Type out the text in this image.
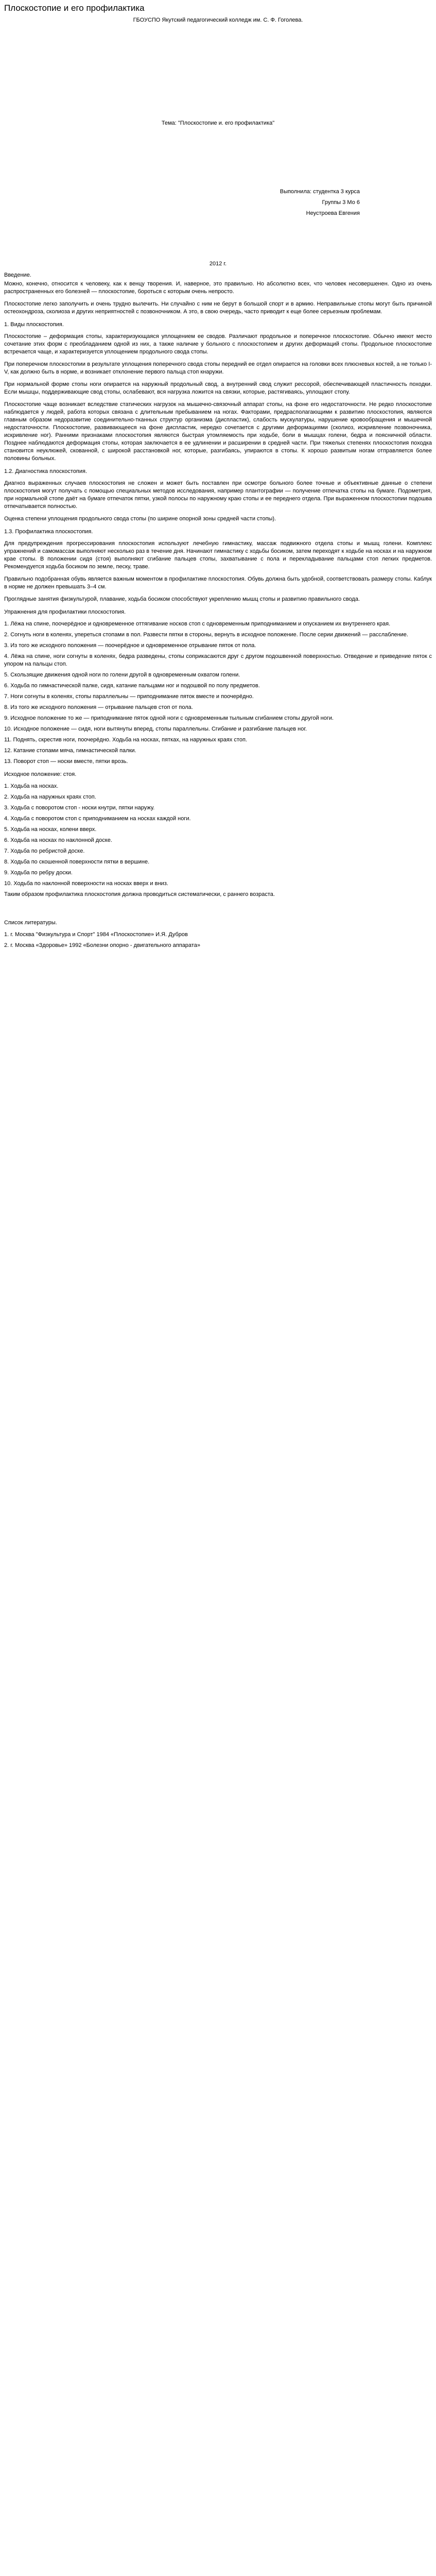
Плоскостопие и его профилактика
ГБОУСПО Якутский педагогический колледж им. С. Ф. Гоголева.
Тема: "Плоскостопие и. его профилактика"

Выполнила: студентка 3 курса

Группы 3 Мо 6

Неустроева Евгения

2012 г.
Введение.

Можно, конечно, относится к человеку, как к венцу творения. И, наверное, это правильно. Но абсолютно всех, что человек несовершенен. Одно из очень распространенных его болезней — плоскостопие, бороться с которым очень непросто.

Плоскостопие легко заполучить и очень трудно вылечить. Ни случайно с ним не берут в большой спорт и в армию. Неправильные стопы могут быть причиной остеохондроза, сколиоза и других неприятностей с позвоночником. А это, в свою очередь, часто приводит к еще более серьезным проблемам.

1. Виды плоскостопия.

Плоскостопие – деформация стопы, характеризующаяся уплощением ее сводов. Различают продольное и поперечное плоскостопие. Обычно имеют место сочетание этих форм с преобладанием одной из них, а также наличие у больного с плоскостопием и других деформаций стопы. Продольное плоскостопие встречается чаще, и характеризуется уплощением продольного свода стопы.

При поперечном плоскостопии в результате уплощения поперечного свода стопы передний ее отдел опирается на головки всех плюсневых костей, а не только I-V, как должно быть в норме, и возникает отклонение первого пальца стоп кнаружи.

При нормальной форме стопы ноги опирается на наружный продольный свод, а внутренний свод служит рессорой, обеспечивающей пластичность походки. Если мышцы, поддерживающие свод стопы, ослабевают, вся нагрузка ложится на связки, которые, растягиваясь, уплощают стопу.

Плоскостопие чаще возникает вследствие статических нагрузок на мышечно-связочный аппарат стопы, на фоне его недостаточности. Не редко плоскостопие наблюдается у людей, работа которых связана с длительным пребыванием на ногах. Факторами, предрасполагающими к развитию плоскостопия, являются главным образом недоразвитие соединительно-тканных структур организма (диспластик), слабость мускулатуры, нарушение кровообращения и мышечной недостаточности. Плоскостопие, развивающееся на фоне диспластик, нередко сочетается с другими деформациями (сколиоз, искривление позвоночника, искривление ног). Ранними признаками плоскостопия являются быстрая утомляемость при ходьбе, боли в мышцах голени, бедра и поясничной области. Позднее наблюдаются деформация стопы, которая заключается в ее удлинении и расширении в средней части. При тяжелых степенях плоскостопия походка становится неуклюжей, скованной, с широкой расстановкой ног, которые, разгибаясь, упираются в стопы. К хорошо развитым ногам отправляется более половины больных.

1.2. Диагностика плоскостопия.

Диагноз выраженных случаев плоскостопия не сложен и может быть поставлен при осмотре больного более точные и объективные данные о степени плоскостопия могут получать с помощью специальных методов исследования, например плантографии — получение отпечатка стопы на бумаге. Подометрия, при нормальной стопе даёт на бумаге отпечаток пятки, узкой полосы по наружному краю стопы и ее переднего отдела. При выраженном плоскостопии подошва отпечатывается полностью.

Оценка степени уплощения продольного свода стопы (по ширине опорной зоны средней части стопы).

1.3. Профилактика плоскостопия.

Для предупреждения прогрессирования плоскостопия используют лечебную гимнастику, массаж подвижного отдела стопы и мышц голени. Комплекс упражнений и самомассаж выполняют несколько раз в течение дня. Начинают гимнастику с ходьбы босиком, затем переходят к ходьбе на носках и на наружном крае стопы. В положении сидя (стоя) выполняют сгибание пальцев стопы, захватывание с пола и перекладывание пальцами стоп легких предметов. Рекомендуется ходьба босиком по земле, песку, траве.

Правильно подобранная обувь является важным моментом в профилактике плоскостопия. Обувь должна быть удобной, соответствовать размеру стопы. Каблук в норме не должен превышать 3–4 см.

Проглядные занятия физкультурой, плавание, ходьба босиком способствуют укреплению мышц стопы и развитию правильного свода.

Упражнения для профилактики плоскостопия.

1. Лёжа на спине, поочерёдное и одновременное оттягивание носков стоп с одновременным приподниманием и опусканием их внутреннего края.

2. Согнуть ноги в коленях, упереться стопами в пол. Развести пятки в стороны, вернуть в исходное положение. После серии движений — расслабление.

3. Из того же исходного положения — поочерёдное и одновременное отрывание пяток от пола.

4. Лёжа на спине, ноги согнуты в коленях, бедра разведены, стопы соприкасаются друг с другом подошвенной поверхностью. Отведение и приведение пяток с упором на пальцы стоп.

5. Скользящие движения одной ноги по голени другой в одновременным охватом голени.

6. Ходьба по гимнастической палке, сидя, катание пальцами ног и подошвой по полу предметов.

7. Ноги согнуты в коленях, стопы параллельны — приподнимание пяток вместе и поочерёдно.

8. Из того же исходного положения — отрывание пальцев стоп от пола.

9. Исходное положение то же — приподнимание пяток одной ноги с одновременным тыльным сгибанием стопы другой ноги.

10. Исходное положение — сидя, ноги вытянуты вперед, стопы параллельны. Сгибание и разгибание пальцев ног.

11. Поднять, скрестив ноги, поочерёдно. Ходьба на носках, пятках, на наружных краях стоп.

12. Катание стопами мяча, гимнастической палки.

13. Поворот стоп — носки вместе, пятки врозь.

Исходное положение: стоя.

1. Ходьба на носках.

2. Ходьба на наружных краях стоп.

3. Ходьба с поворотом стоп - носки кнутри, пятки наружу.

4. Ходьба с поворотом стоп с приподниманием на носках каждой ноги.

5. Ходьба на носках, колени вверх.

6. Ходьба на носках по наклонной доске.

7. Ходьба по ребристой доске.

8. Ходьба по скошенной поверхности пятки в вершине.

9. Ходьба по ребру доски.

10. Ходьба по наклонной поверхности на носках вверх и вниз.

Таким образом профилактика плоскостопия должна проводиться систематически, с раннего возраста.
Список литературы.

1. г. Москва "Физкультура и Спорт" 1984 «Плоскостопие» И.Я. Дубров

2. г. Москва «Здоровье» 1992 «Болезни опорно - двигательного аппарата»
